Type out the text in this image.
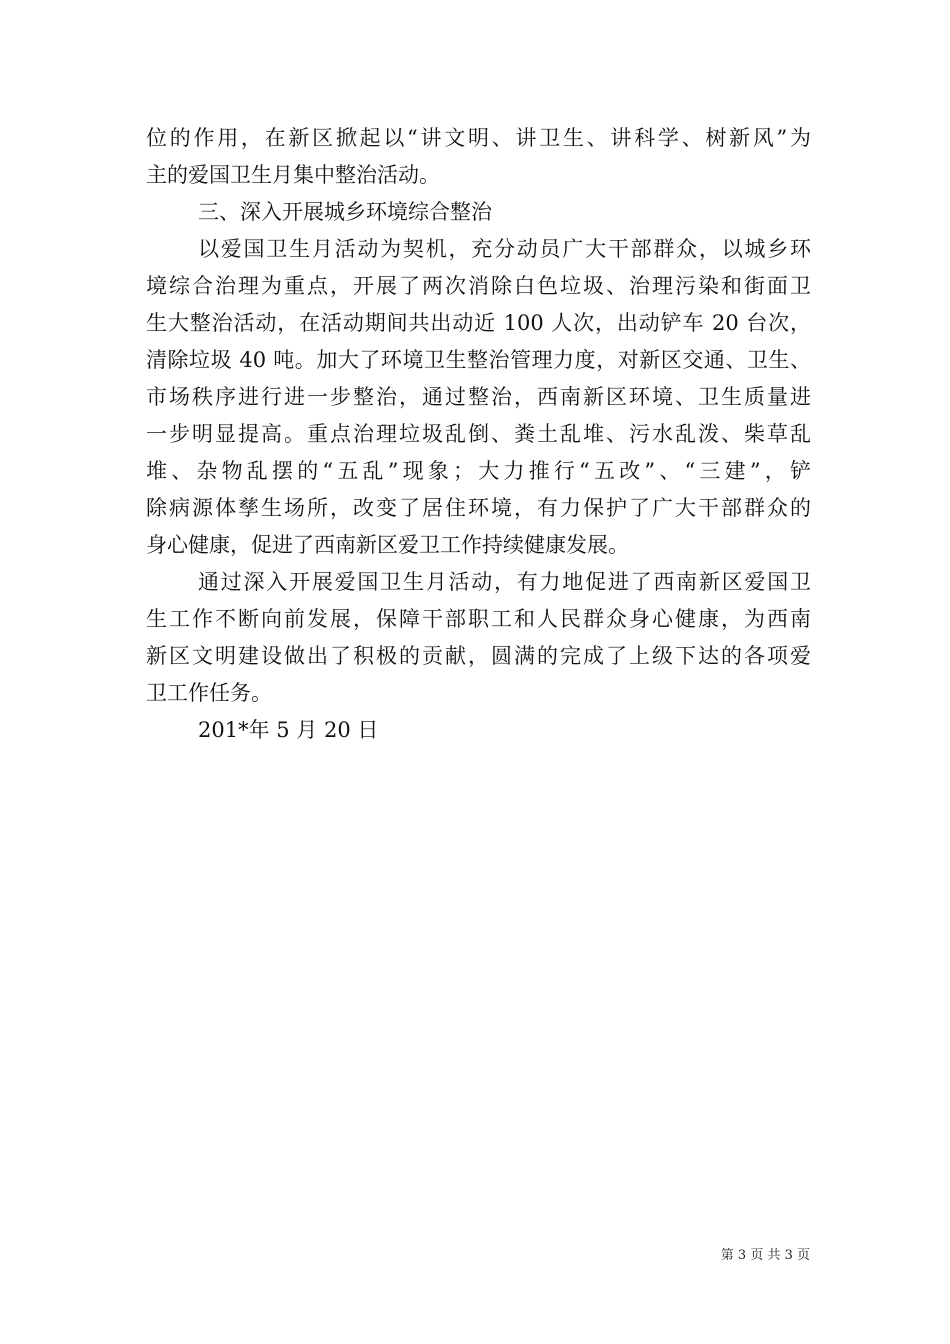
位的作用，在新区掀起以“讲文明、讲卫生、讲科学、树新风”为
主的爱国卫生月集中整治活动。
三、深入开展城乡环境综合整治
以爱国卫生月活动为契机，充分动员广大干部群众，以城乡环
境综合治理为重点，开展了两次消除白色垃圾、治理污染和街面卫
生大整治活动，在活动期间共出动近 100 人次，出动铲车 20 台次，
清除垃圾 40 吨。加大了环境卫生整治管理力度，对新区交通、卫生、
市场秩序进行进一步整治，通过整治，西南新区环境、卫生质量进
一步明显提高。重点治理垃圾乱倒、粪土乱堆、污水乱泼、柴草乱
堆、杂物乱摆的“五乱”现象；大力推行“五改”、“三建”，铲
除病源体孳生场所，改变了居住环境，有力保护了广大干部群众的
身心健康，促进了西南新区爱卫工作持续健康发展。
通过深入开展爱国卫生月活动，有力地促进了西南新区爱国卫
生工作不断向前发展，保障干部职工和人民群众身心健康，为西南
新区文明建设做出了积极的贡献，圆满的完成了上级下达的各项爱
卫工作任务。
201*年 5 月 20 日
第 3 页 共 3 页
